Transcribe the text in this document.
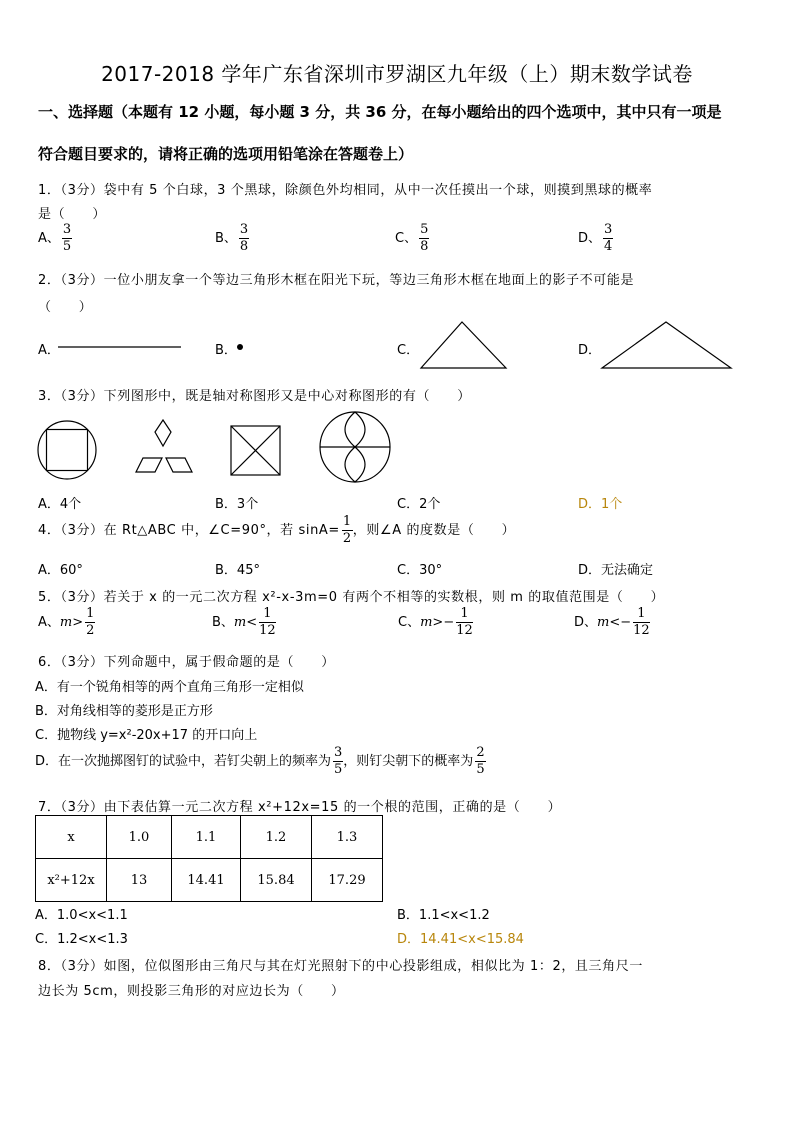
2017-2018 学年广东省深圳市罗湖区九年级（上）期末数学试卷
一、选择题（本题有 12 小题，每小题 3 分，共 36 分，在每小题给出的四个选项中，其中只有一项是
符合题目要求的，请将正确的选项用铅笔涂在答题卷上）
1．（3分）袋中有 5 个白球，3 个黑球，除颜色外均相同，从中一次任摸出一个球，则摸到黑球的概率
是（　　）
A、 $\frac{3}{5}$	B、 $\frac{3}{8}$	C、 $\frac{5}{8}$	D、 $\frac{3}{4}$
2．（3分）一位小朋友拿一个等边三角形木框在阳光下玩，等边三角形木框在地面上的影子不可能是
（　　）
A．	B．	C．	D．
3．（3分）下列图形中，既是轴对称图形又是中心对称图形的有（　　）
A．4个	B．3个	C．2个	D．1个
4．（3分）在 Rt△ABC 中，∠C=90°，若 $\sin A= \frac{1}{2}$ ，则∠A 的度数是（　　）
A．60°	B．45°	C．30°	D．无法确定
5．（3分）若关于 x 的一元二次方程 x²-x-3m=0 有两个不相等的实数根，则 m 的取值范围是（　　）
A、$m> \frac{1}{2}$	B、$m< \frac{1}{12}$	C、$m>- \frac{1}{12}$	D、$m<- \frac{1}{12}$
6．（3分）下列命题中，属于假命题的是（　　）
A．有一个锐角相等的两个直角三角形一定相似
B．对角线相等的菱形是正方形
C．抛物线 y=x²-20x+17 的开口向上
D．在一次抛掷图钉的试验中，若钉尖朝上的频率为 $\frac{3}{5}$ ，则钉尖朝下的概率为 $\frac{2}{5}$
7．（3分）由下表估算一元二次方程 x²+12x=15 的一个根的范围，正确的是（　　）
x	1.0	1.1	1.2	1.3
x²+12x	13	14.41	15.84	17.29
A．1.0<x<1.1	B．1.1<x<1.2
C．1.2<x<1.3	D．14.41<x<15.84
8．（3分）如图，位似图形由三角尺与其在灯光照射下的中心投影组成，相似比为 1：2，且三角尺一
边长为 5cm，则投影三角形的对应边长为（　　）
